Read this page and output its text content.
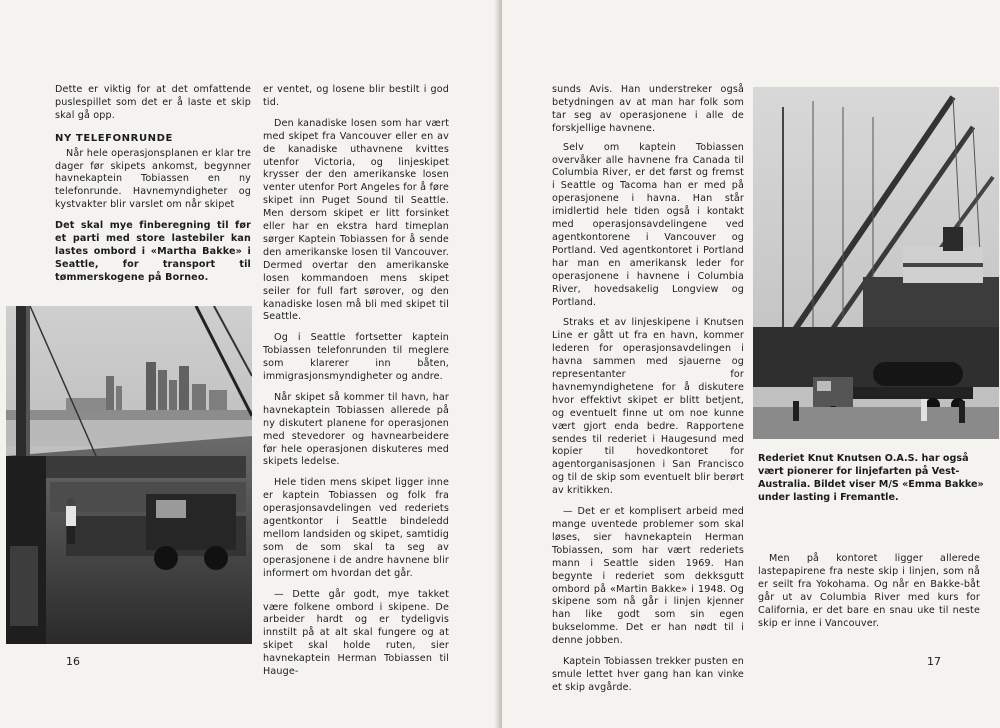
Dette er viktig for at det omfattende puslespillet som det er å laste et skip skal gå opp.

NY TELEFONRUNDE

Når hele operasjonsplanen er klar tre dager før skipets ankomst, begynner havnekaptein Tobiassen en ny telefonrunde. Havnemyndigheter og kystvakter blir varslet om når skipet

Det skal mye finberegning til før et parti med store lastebiler kan lastes ombord i «Martha Bakke» i Seattle, for transport til tømmerskogene på Borneo.

er ventet, og losene blir bestilt i god tid.

Den kanadiske losen som har vært med skipet fra Vancouver eller en av de kanadiske uthavnene kvittes utenfor Victoria, og linjeskipet krysser der den amerikanske losen venter utenfor Port Angeles for å føre skipet inn Puget Sound til Seattle. Men dersom skipet er litt forsinket eller har en ekstra hard timeplan sørger Kaptein Tobiassen for å sende den amerikanske losen til Vancouver. Dermed overtar den amerikanske losen kommandoen mens skipet seiler for full fart sørover, og den kanadiske losen må bli med skipet til Seattle.

Og i Seattle fortsetter kaptein Tobiassen telefonrunden til meglere som klarerer inn båten, immigrasjonsmyndigheter og andre.

Når skipet så kommer til havn, har havnekaptein Tobiassen allerede på ny diskutert planene for operasjonen med stevedorer og havnearbeidere før hele operasjonen diskuteres med skipets ledelse.

Hele tiden mens skipet ligger inne er kaptein Tobiassen og folk fra operasjonsavdelingen ved rederiets agentkontor i Seattle bindeledd mellom landsiden og skipet, samtidig som de som skal ta seg av operasjonene i de andre havnene blir informert om hvordan det går.

— Dette går godt, mye takket være folkene ombord i skipene. De arbeider hardt og er tydeligvis innstilt på at alt skal fungere og at skipet skal holde ruten, sier havnekaptein Herman Tobiassen til Hauge-

16

sunds Avis. Han understreker også betydningen av at man har folk som tar seg av operasjonene i alle de forskjellige havnene.

Selv om kaptein Tobiassen overvåker alle havnene fra Canada til Columbia River, er det først og fremst i Seattle og Tacoma han er med på operasjonene i havna. Han står imidlertid hele tiden også i kontakt med operasjonsavdelingene ved agentkontorene i Vancouver og Portland. Ved agentkontoret i Portland har man en amerikansk leder for operasjonene i havnene i Columbia River, hovedsakelig Longview og Portland.

Straks et av linjeskipene i Knutsen Line er gått ut fra en havn, kommer lederen for operasjonsavdelingen i havna sammen med sjauerne og representanter for havnemyndighetene for å diskutere hvor effektivt skipet er blitt betjent, og eventuelt finne ut om noe kunne vært gjort enda bedre. Rapportene sendes til rederiet i Haugesund med kopier til hovedkontoret for agentorganisasjonen i San Francisco og til de skip som eventuelt blir berørt av kritikken.

— Det er et komplisert arbeid med mange uventede problemer som skal løses, sier havnekaptein Herman Tobiassen, som har vært rederiets mann i Seattle siden 1969. Han begynte i rederiet som dekksgutt ombord på «Martin Bakke» i 1948. Og skipene som nå går i linjen kjenner han like godt som sin egen bukselomme. Det er han nødt til i denne jobben.

Kaptein Tobiassen trekker pusten en smule lettet hver gang han kan vinke et skip avgårde.

Rederiet Knut Knutsen O.A.S. har også vært pionerer for linjefarten på Vest-Australia. Bildet viser M/S «Emma Bakke» under lasting i Fremantle.

Men på kontoret ligger allerede lastepapirene fra neste skip i linjen, som nå er seilt fra Yokohama. Og når en Bakke-båt går ut av Columbia River med kurs for California, er det bare en snau uke til neste skip er inne i Vancouver.

17
